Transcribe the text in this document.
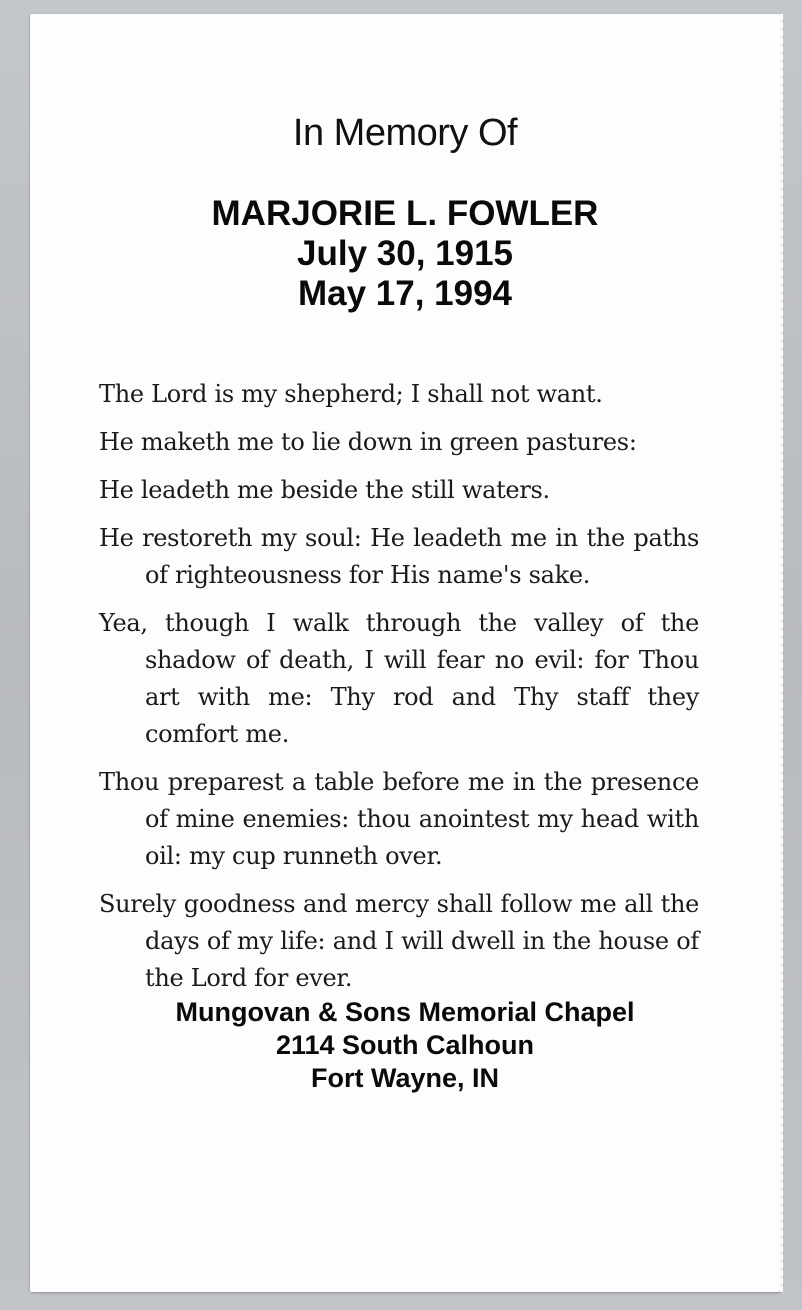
In Memory Of
MARJORIE L. FOWLER
July 30, 1915
May 17, 1994

The Lord is my shepherd; I shall not want.

He maketh me to lie down in green pastures:

He leadeth me beside the still waters.

He restoreth my soul: He leadeth me in the paths of righteousness for His name's sake.

Yea, though I walk through the valley of the shadow of death, I will fear no evil: for Thou art with me: Thy rod and Thy staff they comfort me.

Thou preparest a table before me in the presence of mine enemies: thou anointest my head with oil: my cup runneth over.

Surely goodness and mercy shall follow me all the days of my life: and I will dwell in the house of the Lord for ever.

Mungovan & Sons Memorial Chapel
2114 South Calhoun
Fort Wayne, IN
